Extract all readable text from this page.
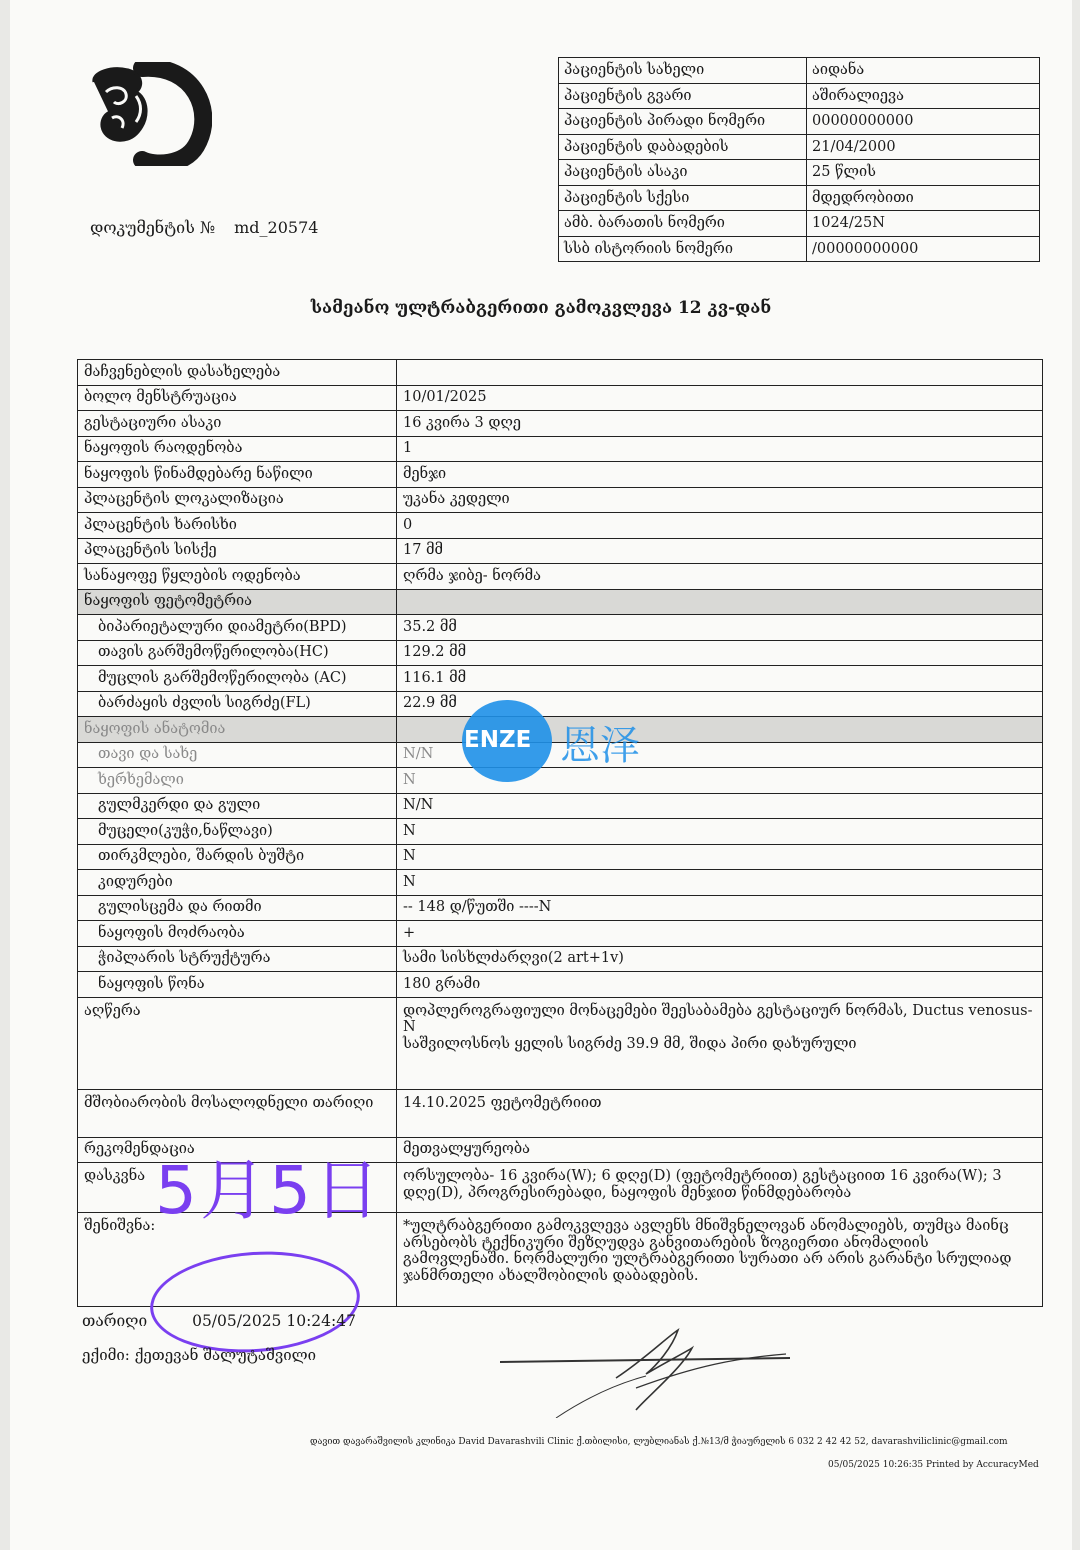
დოკუმენტის № md_20574
პაციენტის სახელი	აიდანა
პაციენტის გვარი	აშირალიევა
პაციენტის პირადი ნომერი	00000000000
პაციენტის დაბადების	21/04/2000
პაციენტის ასაკი	25 წლის
პაციენტის სქესი	მდედრობითი
ამბ. ბარათის ნომერი	1024/25N
სსბ ისტორიის ნომერი	/00000000000
სამეანო ულტრაბგერითი გამოკვლევა 12 კვ-დან
მაჩვენებლის დასახელება	
ბოლო მენსტრუაცია	10/01/2025
გესტაციური ასაკი	16 კვირა 3 დღე
ნაყოფის რაოდენობა	1
ნაყოფის წინამდებარე ნაწილი	მენჯი
პლაცენტის ლოკალიზაცია	უკანა კედელი
პლაცენტის ხარისხი	0
პლაცენტის სისქე	17 მმ
სანაყოფე წყლების ოდენობა	ღრმა ჯიბე- ნორმა
ნაყოფის ფეტომეტრია	
ბიპარიეტალური დიამეტრი(BPD)	35.2 მმ
თავის გარშემოწერილობა(HC)	129.2 მმ
მუცლის გარშემოწერილობა (AC)	116.1 მმ
ბარძაყის ძვლის სიგრძე(FL)	22.9 მმ
ნაყოფის ანატომია	
თავი და სახე	N/N
ხერხემალი	N
გულმკერდი და გული	N/N
მუცელი(კუჭი,ნაწლავი)	N
თირკმლები, შარდის ბუშტი	N
კიდურები	N
გულისცემა და რითმი	-- 148 დ/წუთში ----N
ნაყოფის მოძრაობა	+
ჭიპლარის სტრუქტურა	სამი სისხლძარღვი(2 art+1v)
ნაყოფის წონა	180 გრამი
აღწერა	დოპლეროგრაფიული მონაცემები შეესაბამება გესტაციურ ნორმას, Ductus venosus-N
საშვილოსნოს ყელის სიგრძე 39.9 მმ, შიდა პირი დახურული

მშობიარობის მოსალოდნელი თარიღი	14.10.2025 ფეტომეტრიით
რეკომენდაცია	მეთვალყურეობა
დასკვნა	ორსულობა- 16 კვირა(W); 6 დღე(D) (ფეტომეტრიით) გესტაციით 16 კვირა(W); 3 დღე(D), პროგრესირებადი, ნაყოფის მენჯით წინმდებარობა
შენიშვნა:	*ულტრაბგერითი გამოკვლევა ავლენს მნიშვნელოვან ანომალიებს, თუმცა მაინც არსებობს ტექნიკური შეზღუდვა განვითარების ზოგიერთი ანომალიის გამოვლენაში. ნორმალური ულტრაბგერითი სურათი არ არის გარანტი სრულიად ჯანმრთელი ახალშობილის დაბადების.
ENZE 恩泽
5月5日
თარიღი	05/05/2025 10:24:47
ექიმი: ქეთევან შალუტაშვილი
დავით დავარაშვილის კლინიკა David Davarashvili Clinic ქ.თბილისი, ლუბლიანას ქ.№13/მ ჭიაურელის 6 032 2 42 42 52, davarashviliclinic@gmail.com
05/05/2025 10:26:35 Printed by AccuracyMed
